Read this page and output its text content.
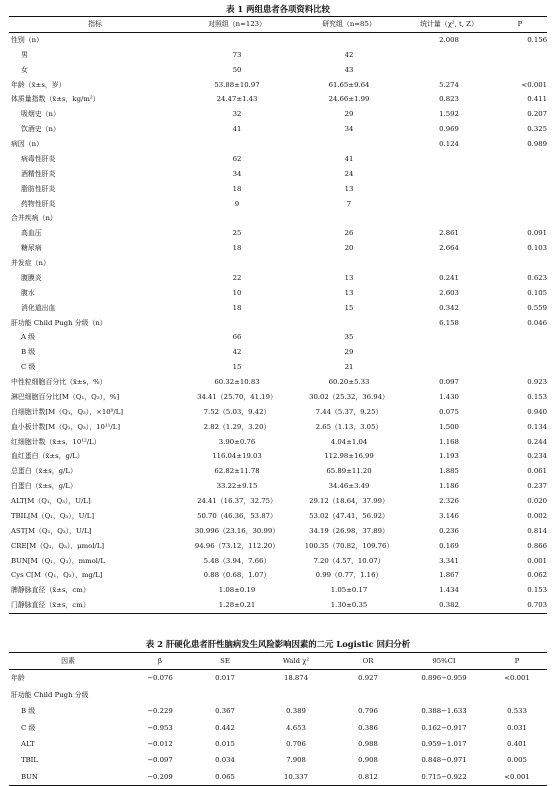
表 1 两组患者各项资料比较
指标	对照组（n=123）	研究组（n=85）	统计量（χ², t, Z）	P
性别（n）			2.008	0.156
男	73	42		
女	50	43		
年龄（x̄±s，岁）	53.88±10.97	61.65±9.64	5.274	<0.001
体质量指数（x̄±s，kg/m²）	24.47±1.43	24.66±1.99	0.823	0.411
吸烟史（n）	32	29	1.592	0.207
饮酒史（n）	41	34	0.969	0.325
病因（n）			0.124	0.989
病毒性肝炎	62	41		
酒精性肝炎	34	24		
脂肪性肝炎	18	13		
药物性肝炎	9	7		
合并疾病（n）				
高血压	25	26	2.861	0.091
糖尿病	18	20	2.664	0.103
并发症（n）				
腹膜炎	22	13	0.241	0.623
腹水	10	13	2.603	0.105
消化道出血	18	15	0.342	0.559
肝功能 Child Pugh 分级（n）			6.158	0.046
A 级	66	35		
B 级	42	29		
C 级	15	21		
中性粒细胞百分比（x̄±s，%）	60.32±10.83	60.20±5.33	0.097	0.923
淋巴细胞百分比[M（Q₁，Q₃），%]	34.41（25.70，41.19）	30.02（25.32，36.94）	1.430	0.153
白细胞计数[M（Q₁，Q₃），×10⁹/L]	7.52（5.03，9.42）	7.44（5.37，9.25）	0.075	0.940
血小板计数[M（Q₁，Q₃），10¹¹/L]	2.82（1.29，3.20）	2.65（1.13，3.05）	1.500	0.134
红细胞计数（x̄±s，10¹²/L）	3.90±0.76	4.04±1.04	1.168	0.244
血红蛋白（x̄±s，g/L）	116.04±19.03	112.98±16.99	1.193	0.234
总蛋白（x̄±s，g/L）	62.82±11.78	65.89±11.20	1.885	0.061
白蛋白（x̄±s，g/L）	33.22±9.15	34.46±3.49	1.186	0.237
ALT[M（Q₁，Q₃），U/L]	24.41（16.37，32.75）	29.12（18.64，37.99）	2.326	0.020
TBIL[M（Q₁，Q₃），U/L]	50.70（46.36，53.87）	53.02（47.41，56.92）	3.146	0.002
AST[M（Q₁，Q₃），U/L]	30.996（23.16，30.99）	34.19（26.98，37.89）	0.236	0.814
CRE[M（Q₁，Q₃），μmol/L]	94.96（73.12，112.20）	100.35（70.82，109.76）	0.169	0.866
BUN[M（Q₁，Q₃），mmol/L	5.48（3.94，7.66）	7.20（4.57，10.07）	3.341	0.001
Cys C[M（Q₁，Q₃），mg/L]	0.88（0.68，1.07）	0.99（0.77，1.16）	1.867	0.062
脾静脉直径（x̄±s，cm）	1.08±0.19	1.05±0.17	1.434	0.153
门静脉直径（x̄±s，cm）	1.28±0.21	1.30±0.35	0.382	0.703
表 2 肝硬化患者肝性脑病发生风险影响因素的二元 Logistic 回归分析
因素	β	SE	Wald χ²	OR	95%CI	P
年龄	−0.076	0.017	18.874	0.927	0.896−0.959	<0.001
肝功能 Child Pugh 分级						
B 级	−0.229	0.367	0.389	0.796	0.388−1.633	0.533
C 级	−0.953	0.442	4.653	0.386	0.162−0.917	0.031
ALT	−0.012	0.015	0.706	0.988	0.959−1.017	0.401
TBIL	−0.097	0.034	7.908	0.908	0.848−0.971	0.005
BUN	−0.209	0.065	10.337	0.812	0.715−0.922	<0.001
